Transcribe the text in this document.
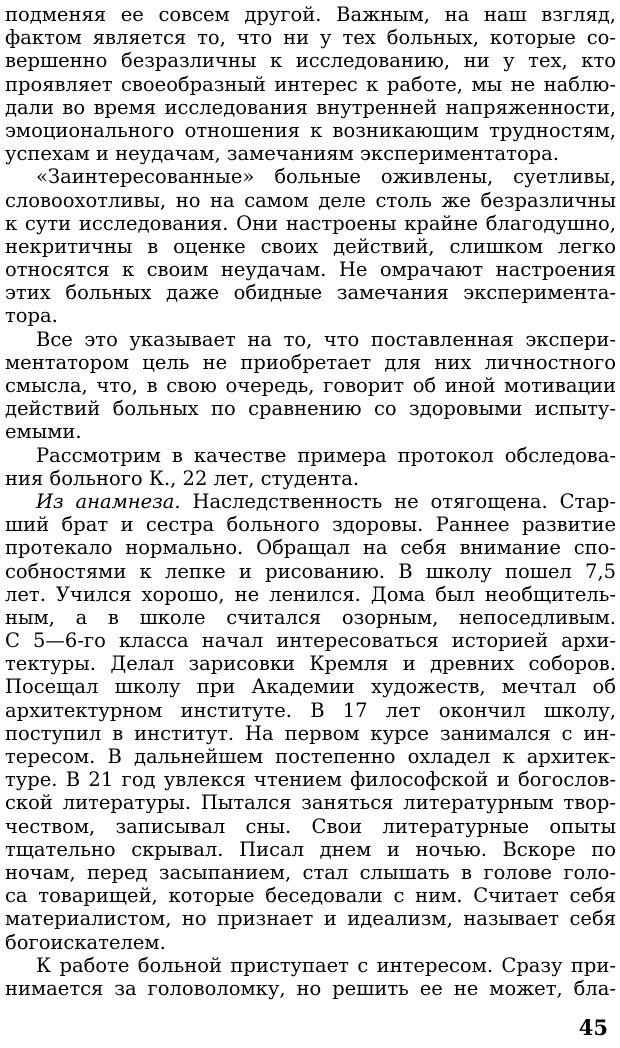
подменяя ее совсем другой. Важным, на наш взгляд,
фактом является то, что ни у тех больных, которые со-
вершенно безразличны к исследованию, ни у тех, кто
проявляет своеобразный интерес к работе, мы не наблю-
дали во время исследования внутренней напряженности,
эмоционального отношения к возникающим трудностям,
успехам и неудачам, замечаниям экспериментатора.
«Заинтересованные» больные оживлены, суетливы,
словоохотливы, но на самом деле столь же безразличны
к сути исследования. Они настроены крайне благодушно,
некритичны в оценке своих действий, слишком легко
относятся к своим неудачам. Не омрачают настроения
этих больных даже обидные замечания эксперимента-
тора.
Все это указывает на то, что поставленная экспери-
ментатором цель не приобретает для них личностного
смысла, что, в свою очередь, говорит об иной мотивации
действий больных по сравнению со здоровыми испыту-
емыми.
Рассмотрим в качестве примера протокол обследова-
ния больного К., 22 лет, студента.
Из анамнеза. Наследственность не отягощена. Стар-
ший брат и сестра больного здоровы. Раннее развитие
протекало нормально. Обращал на себя внимание спо-
собностями к лепке и рисованию. В школу пошел 7,5
лет. Учился хорошо, не ленился. Дома был необщитель-
ным, а в школе считался озорным, непоседливым.
С 5—6-го класса начал интересоваться историей архи-
тектуры. Делал зарисовки Кремля и древних соборов.
Посещал школу при Академии художеств, мечтал об
архитектурном институте. В 17 лет окончил школу,
поступил в институт. На первом курсе занимался с ин-
тересом. В дальнейшем постепенно охладел к архитек-
туре. В 21 год увлекся чтением философской и богослов-
ской литературы. Пытался заняться литературным твор-
чеством, записывал сны. Свои литературные опыты
тщательно скрывал. Писал днем и ночью. Вскоре по
ночам, перед засыпанием, стал слышать в голове голо-
са товарищей, которые беседовали с ним. Считает себя
материалистом, но признает и идеализм, называет себя
богоискателем.
К работе больной приступает с интересом. Сразу при-
нимается за головоломку, но решить ее не может, бла-
45
